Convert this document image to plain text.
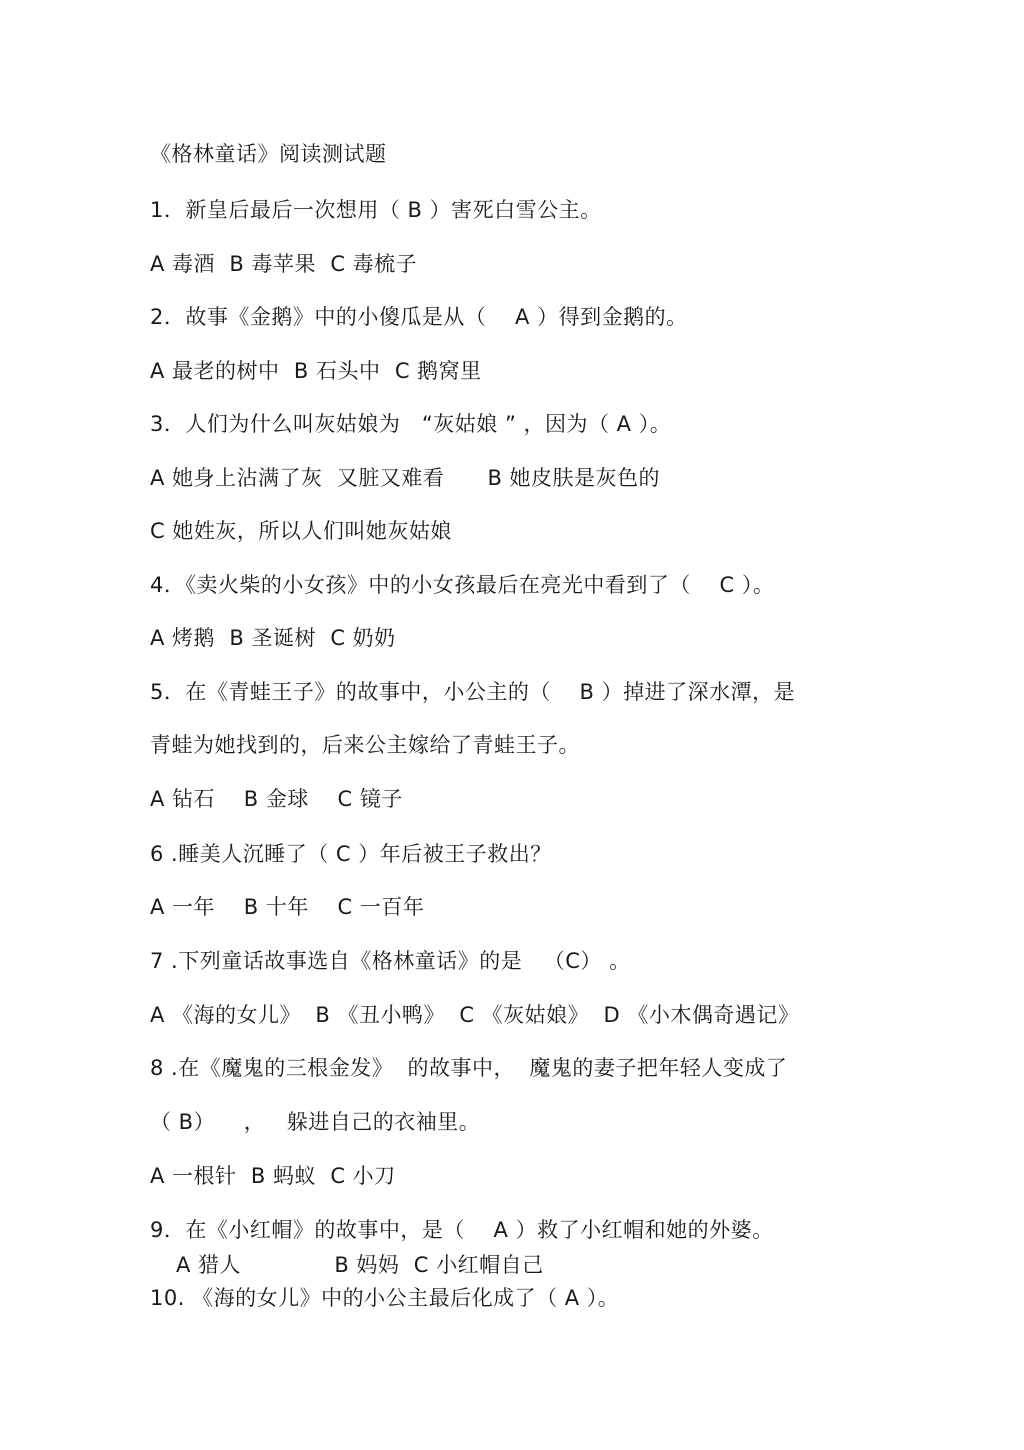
《格林童话》阅读测试题
1．新皇后最后一次想用（ B ）害死白雪公主。
A 毒酒  B 毒苹果  C 毒梳子
2．故事《金鹅》中的小傻瓜是从（    A ）得到金鹅的。
A 最老的树中  B 石头中  C 鹅窝里
3．人们为什么叫灰姑娘为   “灰姑娘 ” ，因为（ A ）。
A 她身上沾满了灰  又脏又难看      B 她皮肤是灰色的
C 她姓灰，所以人们叫她灰姑娘
4．《卖火柴的小女孩》中的小女孩最后在亮光中看到了（    C ）。
A 烤鹅  B 圣诞树  C 奶奶
5．在《青蛙王子》的故事中，小公主的（    B ）掉进了深水潭，是
青蛙为她找到的，后来公主嫁给了青蛙王子。
A 钻石    B 金球    C 镜子
6 .睡美人沉睡了（ C ）年后被王子救出？
A 一年    B 十年    C 一百年
7 .下列童话故事选自《格林童话》的是   （C） 。
A 《海的女儿》  B 《丑小鸭》  C 《灰姑娘》  D 《小木偶奇遇记》
8 .在《魔鬼的三根金发》  的故事中，  魔鬼的妻子把年轻人变成了
（ B）    ，   躲进自己的衣袖里。
A 一根针  B 蚂蚁  C 小刀
9．在《小红帽》的故事中，是（    A ）救了小红帽和她的外婆。
A 猎人             B 妈妈  C 小红帽自己
10. 《海的女儿》中的小公主最后化成了（ A ）。
